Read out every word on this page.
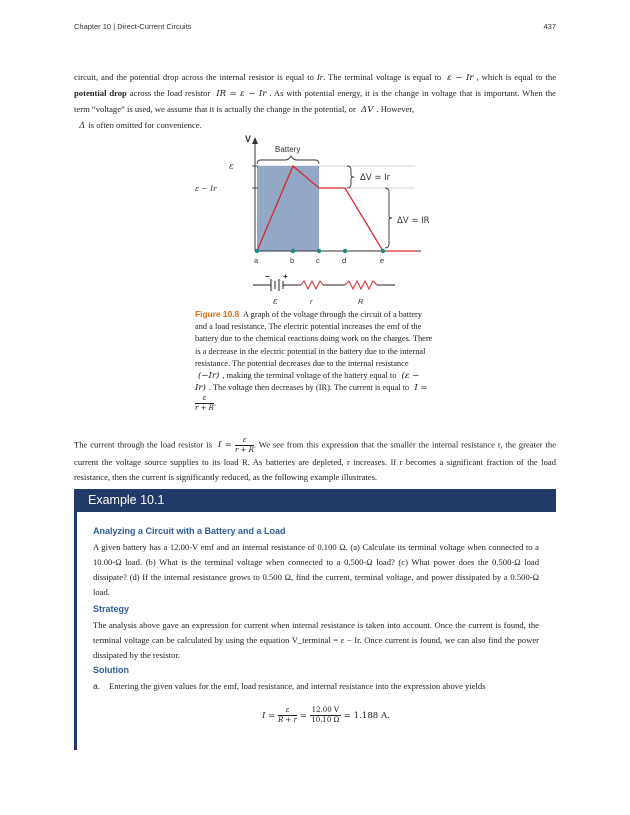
Chapter 10 | Direct-Current Circuits	437
circuit, and the potential drop across the internal resistor is equal to Ir. The terminal voltage is equal to ε − Ir , which is equal to the potential drop across the load resistor IR = ε − Ir . As with potential energy, it is the change in voltage that is important. When the term “voltage” is used, we assume that it is actually the change in the potential, or ΔV . However,
Δ is often omitted for convenience.
Battery
ΔV = Ir
ΔV = IR
V
ε
ε − Ir
a	b	c	d	e
− +
ε	r	R
Figure 10.8 A graph of the voltage through the circuit of a battery and a load resistance. The electric potential increases the emf of the battery due to the chemical reactions doing work on the charges. There is a decrease in the electric potential in the battery due to the internal resistance. The potential decreases due to the internal resistance (−Ir) , making the terminal voltage of the battery equal to (ε − Ir) . The voltage then decreases by (IR). The current is equal to I =
$\frac{\varepsilon}{r + R}$ .
The current through the load resistor is $I = \frac{\varepsilon}{r + R}$ . We see from this expression that the smaller the internal resistance r, the greater the current the voltage source supplies to its load R. As batteries are depleted, r increases. If r becomes a significant fraction of the load resistance, then the current is significantly reduced, as the following example illustrates.
Example 10.1
Analyzing a Circuit with a Battery and a Load
A given battery has a 12.00-V emf and an internal resistance of 0.100 Ω. (a) Calculate its terminal voltage when connected to a 10.00-Ω load. (b) What is the terminal voltage when connected to a 0.500-Ω load? (c) What power does the 0.500-Ω load dissipate? (d) If the internal resistance grows to 0.500 Ω, find the current, terminal voltage, and power dissipated by a 0.500-Ω load.
Strategy
The analysis above gave an expression for current when internal resistance is taken into account. Once the current is found, the terminal voltage can be calculated by using the equation V_terminal = ε − Ir. Once current is found, we can also find the power dissipated by the resistor.
Solution
a. Entering the given values for the emf, load resistance, and internal resistance into the expression above yields
$I = \frac{\varepsilon}{R + r} = \frac{12.00 V}{10.10 \Omega} = 1.188$ A.
